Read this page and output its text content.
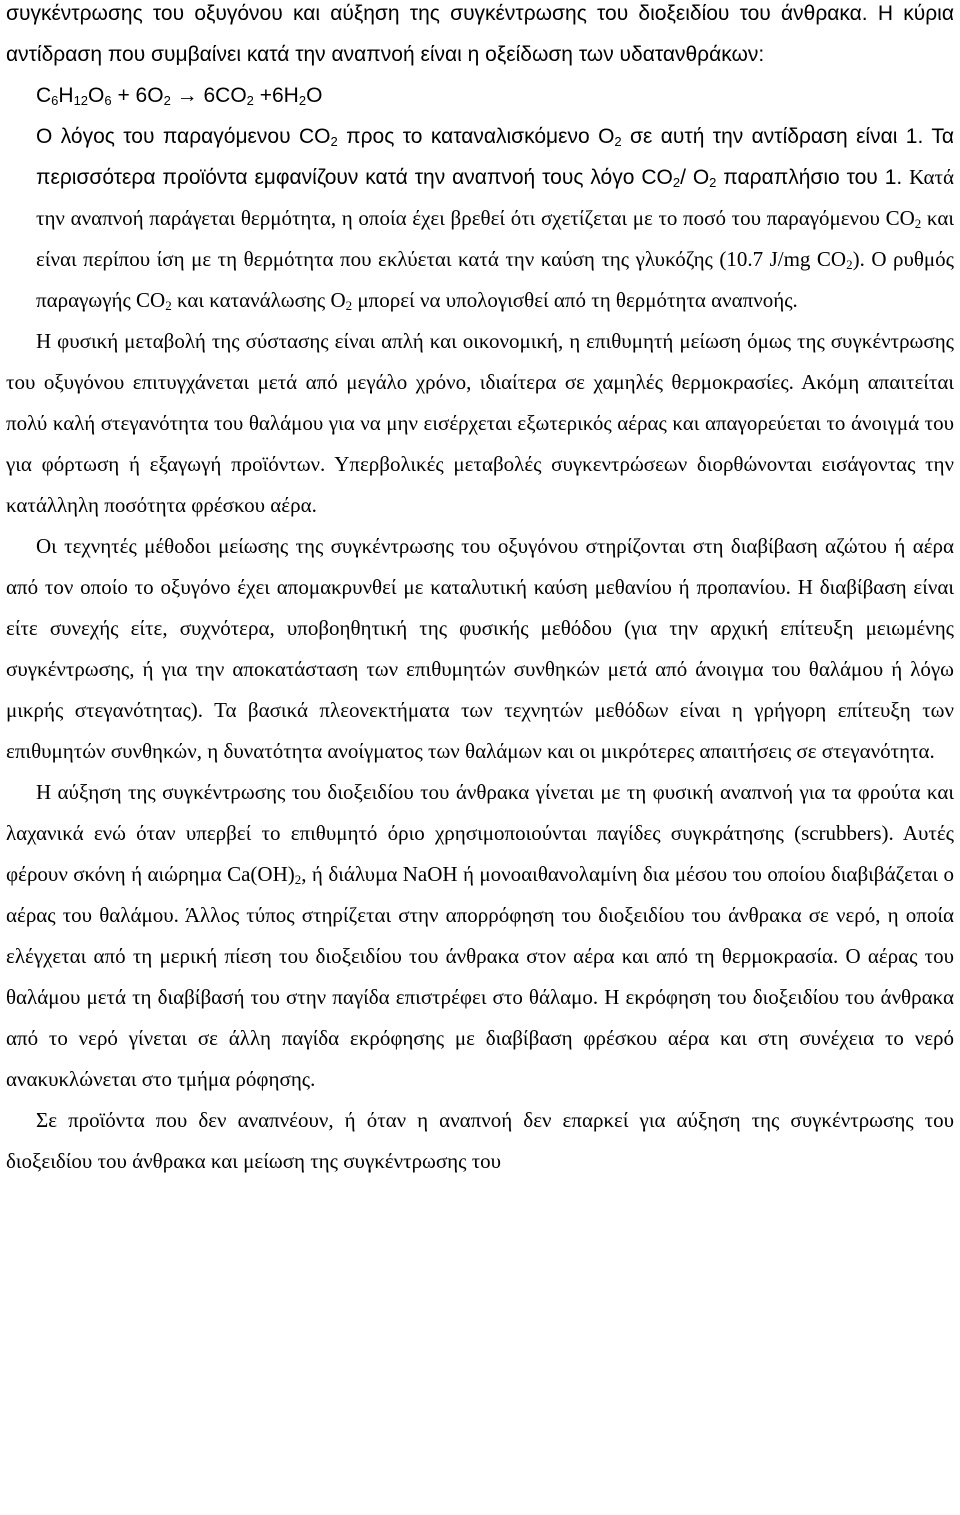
συγκέντρωσης του οξυγόνου και αύξηση της συγκέντρωσης του διοξειδίου του άνθρακα. Η κύρια αντίδραση που συμβαίνει κατά την αναπνοή είναι η οξείδωση των υδατανθράκων:

$C_6H_{12}O_6 + 6O_2 \to 6CO_2 +6H_2O$

Ο λόγος του παραγόμενου $CO_2$ προς το καταναλισκόμενο $O_2$ σε αυτή την αντίδραση είναι 1. Τα περισσότερα προϊόντα εμφανίζουν κατά την αναπνοή τους λόγο $CO_2/$ $O_2$ παραπλήσιο του 1. Κατά την αναπνοή παράγεται θερμότητα, η οποία έχει βρεθεί ότι σχετίζεται με το ποσό του παραγόμενου $CO_2$ και είναι περίπου ίση με τη θερμότητα που εκλύεται κατά την καύση της γλυκόζης (10.7 J/mg $CO_2$). Ο ρυθμός παραγωγής $CO_2$ και κατανάλωσης $O_2$ μπορεί να υπολογισθεί από τη θερμότητα αναπνοής.

Η φυσική μεταβολή της σύστασης είναι απλή και οικονομική, η επιθυμητή μείωση όμως της συγκέντρωσης του οξυγόνου επιτυγχάνεται μετά από μεγάλο χρόνο, ιδιαίτερα σε χαμηλές θερμοκρασίες. Ακόμη απαιτείται πολύ καλή στεγανότητα του θαλάμου για να μην εισέρχεται εξωτερικός αέρας και απαγορεύεται το άνοιγμά του για φόρτωση ή εξαγωγή προϊόντων. Υπερβολικές μεταβολές συγκεντρώσεων διορθώνονται εισάγοντας την κατάλληλη ποσότητα φρέσκου αέρα.

Οι τεχνητές μέθοδοι μείωσης της συγκέντρωσης του οξυγόνου στηρίζονται στη διαβίβαση αζώτου ή αέρα από τον οποίο το οξυγόνο έχει απομακρυνθεί με καταλυτική καύση μεθανίου ή προπανίου. Η διαβίβαση είναι είτε συνεχής είτε, συχνότερα, υποβοηθητική της φυσικής μεθόδου (για την αρχική επίτευξη μειωμένης συγκέντρωσης, ή για την αποκατάσταση των επιθυμητών συνθηκών μετά από άνοιγμα του θαλάμου ή λόγω μικρής στεγανότητας). Τα βασικά πλεονεκτήματα των τεχνητών μεθόδων είναι η γρήγορη επίτευξη των επιθυμητών συνθηκών, η δυνατότητα ανοίγματος των θαλάμων και οι μικρότερες απαιτήσεις σε στεγανότητα.

Η αύξηση της συγκέντρωσης του διοξειδίου του άνθρακα γίνεται με τη φυσική αναπνοή για τα φρούτα και λαχανικά ενώ όταν υπερβεί το επιθυμητό όριο χρησιμοποιούνται παγίδες συγκράτησης (scrubbers). Αυτές φέρουν σκόνη ή αιώρημα $Ca(OH)_2$, ή διάλυμα NaOH ή μονοαιθανολαμίνη δια μέσου του οποίου διαβιβάζεται ο αέρας του θαλάμου. Άλλος τύπος στηρίζεται στην απορρόφηση του διοξειδίου του άνθρακα σε νερό, η οποία ελέγχεται από τη μερική πίεση του διοξειδίου του άνθρακα στον αέρα και από τη θερμοκρασία. Ο αέρας του θαλάμου μετά τη διαβίβασή του στην παγίδα επιστρέφει στο θάλαμο. Η εκρόφηση του διοξειδίου του άνθρακα από το νερό γίνεται σε άλλη παγίδα εκρόφησης με διαβίβαση φρέσκου αέρα και στη συνέχεια το νερό ανακυκλώνεται στο τμήμα ρόφησης.

Σε προϊόντα που δεν αναπνέουν, ή όταν η αναπνοή δεν επαρκεί για αύξηση της συγκέντρωσης του διοξειδίου του άνθρακα και μείωση της συγκέντρωσης του
